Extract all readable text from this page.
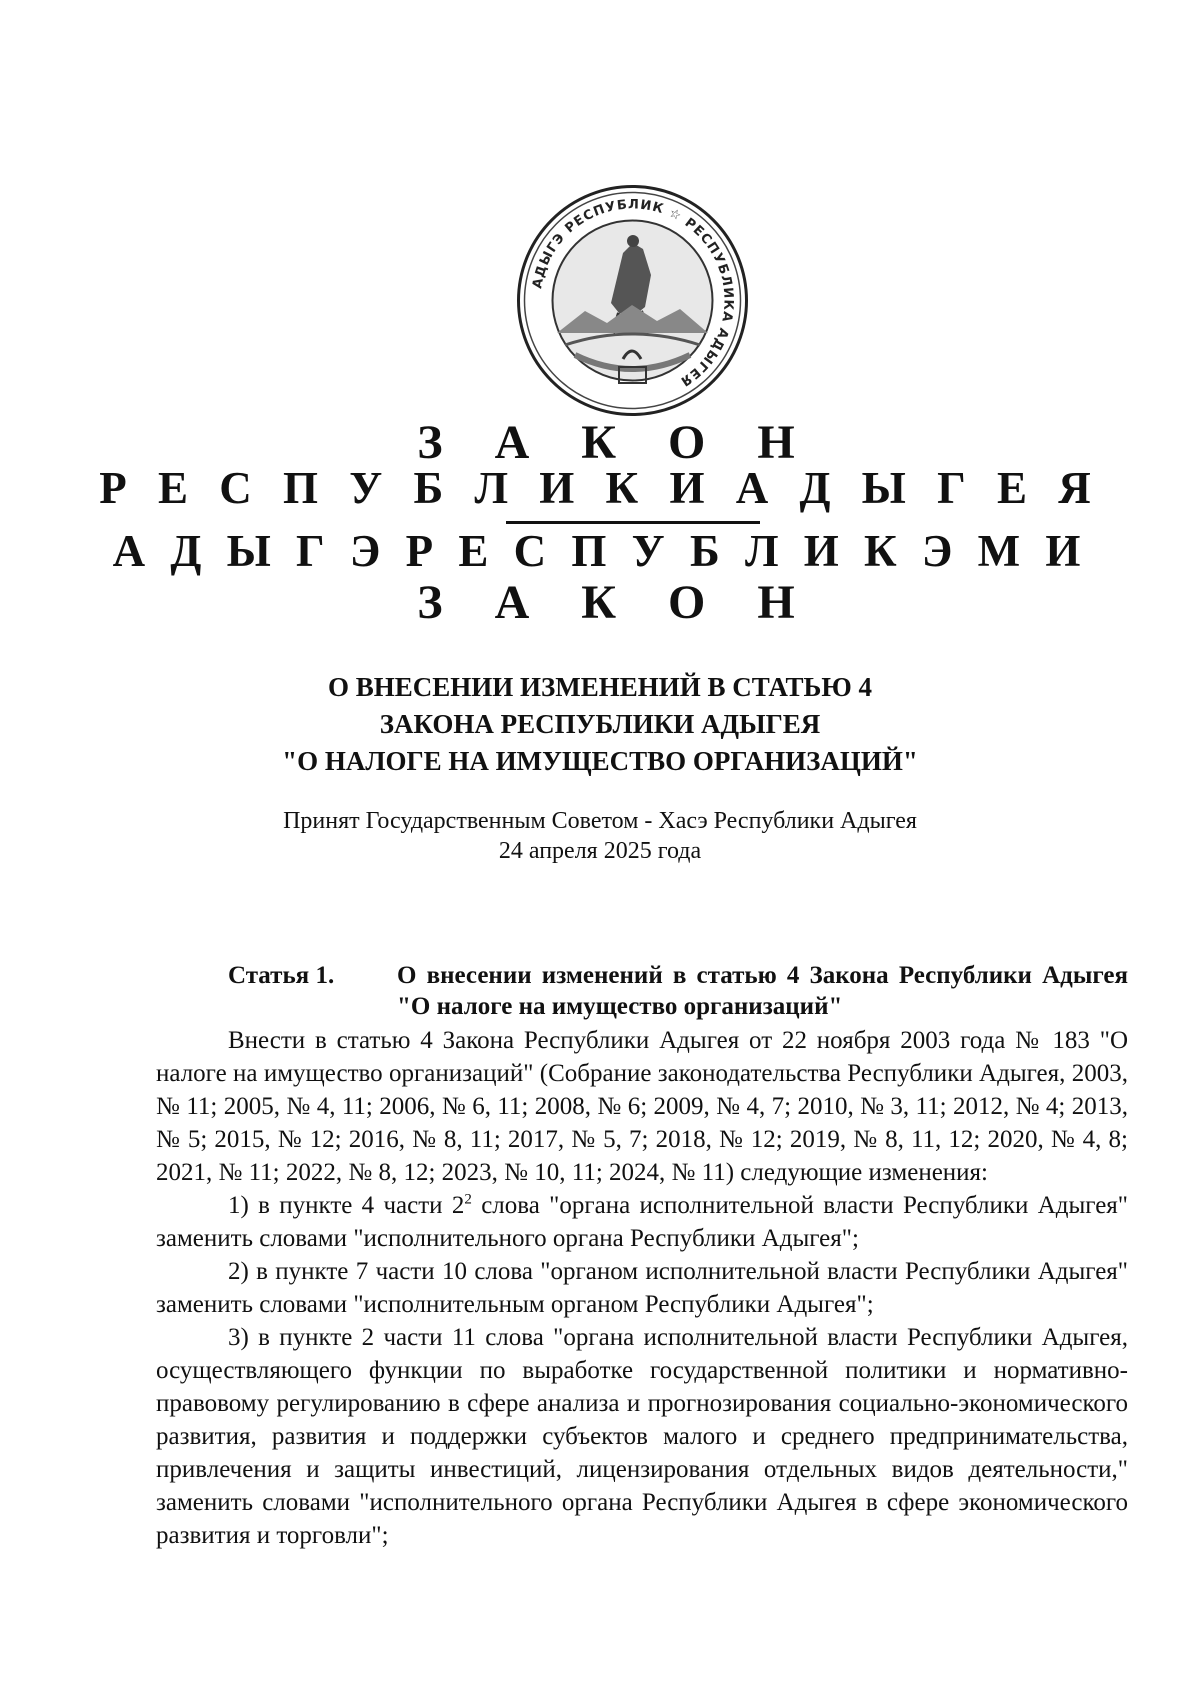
АДЫГЭ РЕСПУБЛИК ☆ РЕСПУБЛИКА АДЫГЕЯ
З А К О Н
Р Е С П У Б Л И К И А Д Ы Г Е Я
А Д Ы Г Э Р Е С П У Б Л И К Э М И
З А К О Н
О ВНЕСЕНИИ ИЗМЕНЕНИЙ В СТАТЬЮ 4
ЗАКОНА РЕСПУБЛИКИ АДЫГЕЯ
"О НАЛОГЕ НА ИМУЩЕСТВО ОРГАНИЗАЦИЙ"
Принят Государственным Советом - Хасэ Республики Адыгея
24 апреля 2025 года
Статья 1.	О внесении изменений в статью 4 Закона Республики Адыгея "О налоге на имущество организаций"

Внести в статью 4 Закона Республики Адыгея от 22 ноября 2003 года № 183 "О налоге на имущество организаций" (Собрание законодательства Республики Адыгея, 2003, № 11; 2005, № 4, 11; 2006, № 6, 11; 2008, № 6; 2009, № 4, 7; 2010, № 3, 11; 2012, № 4; 2013, № 5; 2015, № 12; 2016, № 8, 11; 2017, № 5, 7; 2018, № 12; 2019, № 8, 11, 12; 2020, № 4, 8; 2021, № 11; 2022, № 8, 12; 2023, № 10, 11; 2024, № 11) следующие изменения:

1) в пункте 4 части $2^2$ слова "органа исполнительной власти Республики Адыгея" заменить словами "исполнительного органа Республики Адыгея";

2) в пункте 7 части 10 слова "органом исполнительной власти Республики Адыгея" заменить словами "исполнительным органом Республики Адыгея";

3) в пункте 2 части 11 слова "органа исполнительной власти Республики Адыгея, осуществляющего функции по выработке государственной политики и нормативно-правовому регулированию в сфере анализа и прогнозирования социально-экономического развития, развития и поддержки субъектов малого и среднего предпринимательства, привлечения и защиты инвестиций, лицензирования отдельных видов деятельности," заменить словами "исполнительного органа Республики Адыгея в сфере экономического развития и торговли";
